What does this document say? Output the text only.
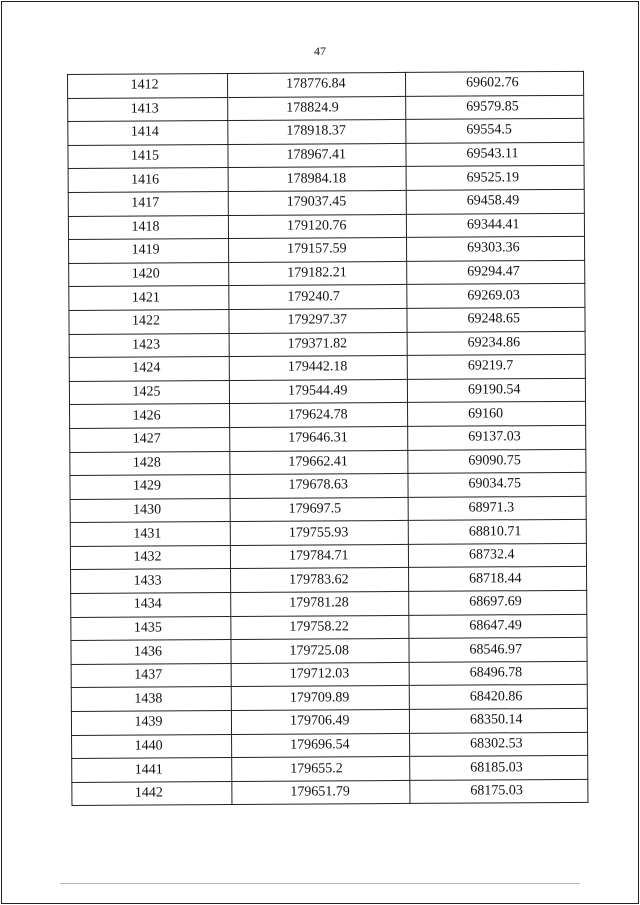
47
1412	178776.84	69602.76
1413	178824.9	69579.85
1414	178918.37	69554.5
1415	178967.41	69543.11
1416	178984.18	69525.19
1417	179037.45	69458.49
1418	179120.76	69344.41
1419	179157.59	69303.36
1420	179182.21	69294.47
1421	179240.7	69269.03
1422	179297.37	69248.65
1423	179371.82	69234.86
1424	179442.18	69219.7
1425	179544.49	69190.54
1426	179624.78	69160
1427	179646.31	69137.03
1428	179662.41	69090.75
1429	179678.63	69034.75
1430	179697.5	68971.3
1431	179755.93	68810.71
1432	179784.71	68732.4
1433	179783.62	68718.44
1434	179781.28	68697.69
1435	179758.22	68647.49
1436	179725.08	68546.97
1437	179712.03	68496.78
1438	179709.89	68420.86
1439	179706.49	68350.14
1440	179696.54	68302.53
1441	179655.2	68185.03
1442	179651.79	68175.03
